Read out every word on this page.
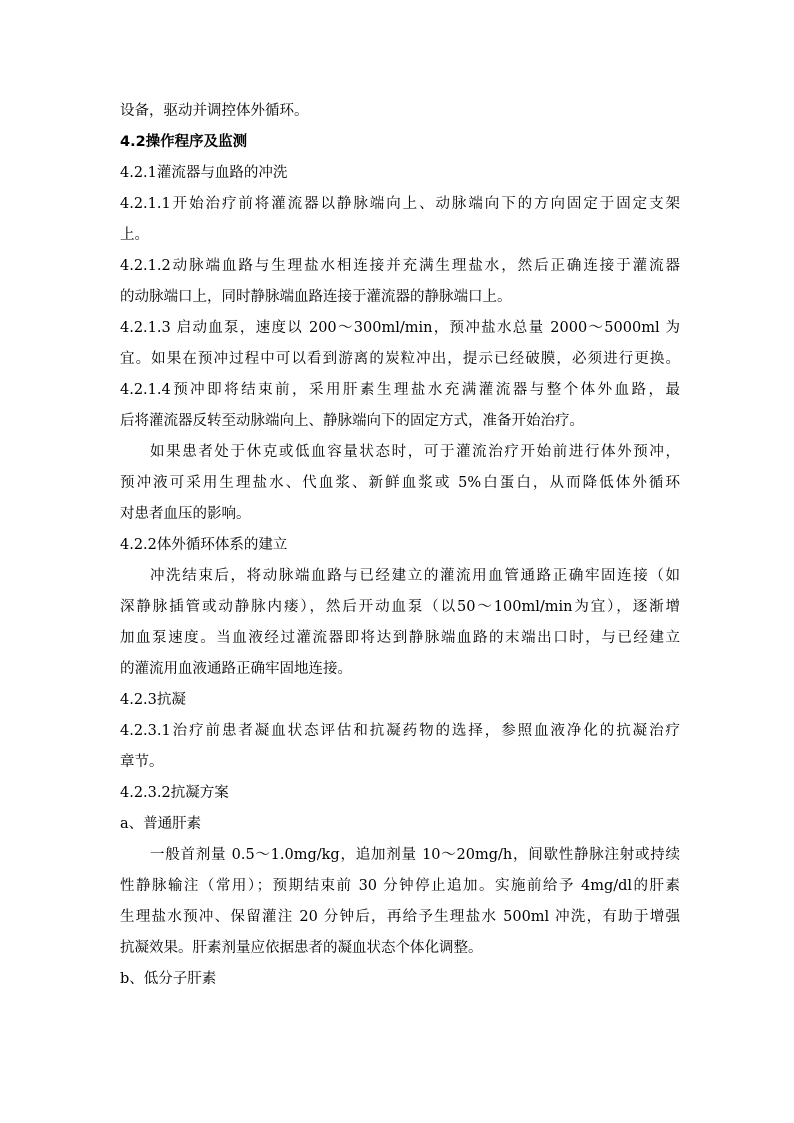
设备，驱动并调控体外循环。
4.2操作程序及监测
4.2.1灌流器与血路的冲洗
4.2.1.1开始治疗前将灌流器以静脉端向上、动脉端向下的方向固定于固定支架
上。
4.2.1.2动脉端血路与生理盐水相连接并充满生理盐水，然后正确连接于灌流器
的动脉端口上，同时静脉端血路连接于灌流器的静脉端口上。
4.2.1.3 启动血泵，速度以 200～300ml/min，预冲盐水总量 2000～5000ml 为
宜。如果在预冲过程中可以看到游离的炭粒冲出，提示已经破膜，必须进行更换。
4.2.1.4预冲即将结束前，采用肝素生理盐水充满灌流器与整个体外血路，最
后将灌流器反转至动脉端向上、静脉端向下的固定方式，准备开始治疗。
如果患者处于休克或低血容量状态时，可于灌流治疗开始前进行体外预冲，
预冲液可采用生理盐水、代血浆、新鲜血浆或 5%白蛋白，从而降低体外循环
对患者血压的影响。
4.2.2体外循环体系的建立
冲洗结束后，将动脉端血路与已经建立的灌流用血管通路正确牢固连接（如
深静脉插管或动静脉内瘘），然后开动血泵（以50～100ml/min为宜），逐渐增
加血泵速度。当血液经过灌流器即将达到静脉端血路的末端出口时，与已经建立
的灌流用血液通路正确牢固地连接。
4.2.3抗凝
4.2.3.1治疗前患者凝血状态评估和抗凝药物的选择，参照血液净化的抗凝治疗
章节。
4.2.3.2抗凝方案
a、普通肝素
一般首剂量 0.5～1.0mg/kg，追加剂量 10～20mg/h，间歇性静脉注射或持续
性静脉输注（常用）；预期结束前 30 分钟停止追加。实施前给予 4mg/dl的肝素
生理盐水预冲、保留灌注 20 分钟后，再给予生理盐水 500ml 冲洗，有助于增强
抗凝效果。肝素剂量应依据患者的凝血状态个体化调整。
b、低分子肝素
